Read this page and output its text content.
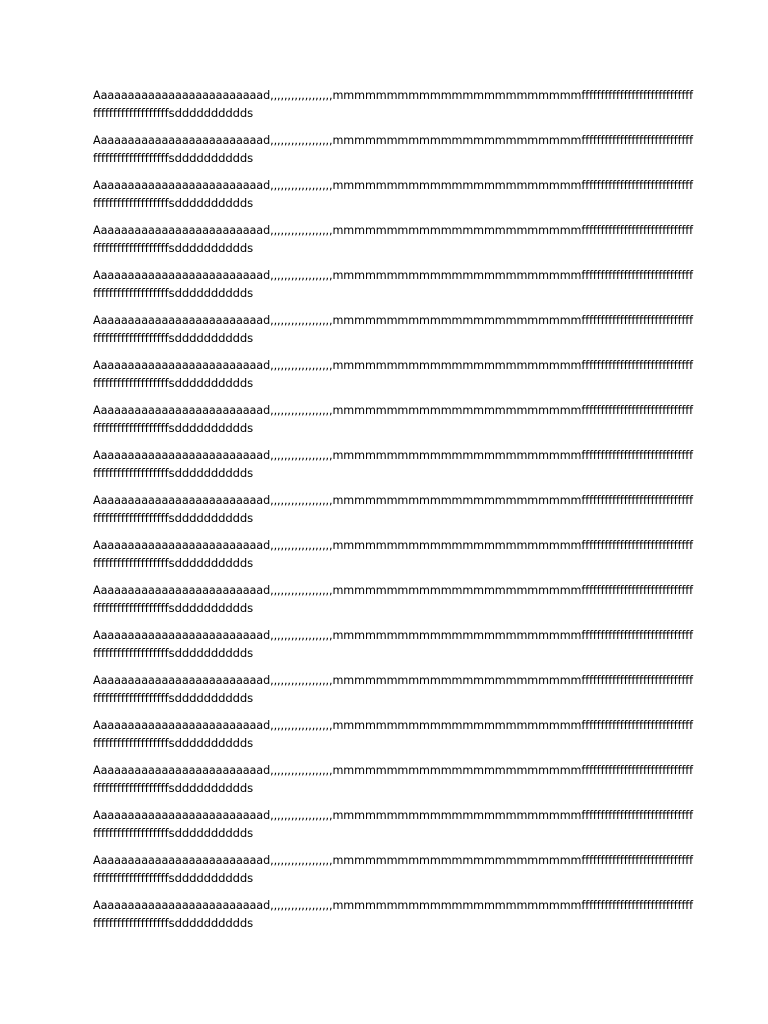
Aaaaaaaaaaaaaaaaaaaaaaaaad,,,,,,,,,,,,,,,,,,mmmmmmmmmmmmmmmmmmmmmmmfffffffffffffffffffffffffffff
fffffffffffffffffffsdddddddddds

Aaaaaaaaaaaaaaaaaaaaaaaaad,,,,,,,,,,,,,,,,,,mmmmmmmmmmmmmmmmmmmmmmmfffffffffffffffffffffffffffff
fffffffffffffffffffsdddddddddds

Aaaaaaaaaaaaaaaaaaaaaaaaad,,,,,,,,,,,,,,,,,,mmmmmmmmmmmmmmmmmmmmmmmfffffffffffffffffffffffffffff
fffffffffffffffffffsdddddddddds

Aaaaaaaaaaaaaaaaaaaaaaaaad,,,,,,,,,,,,,,,,,,mmmmmmmmmmmmmmmmmmmmmmmfffffffffffffffffffffffffffff
fffffffffffffffffffsdddddddddds

Aaaaaaaaaaaaaaaaaaaaaaaaad,,,,,,,,,,,,,,,,,,mmmmmmmmmmmmmmmmmmmmmmmfffffffffffffffffffffffffffff
fffffffffffffffffffsdddddddddds

Aaaaaaaaaaaaaaaaaaaaaaaaad,,,,,,,,,,,,,,,,,,mmmmmmmmmmmmmmmmmmmmmmmfffffffffffffffffffffffffffff
fffffffffffffffffffsdddddddddds

Aaaaaaaaaaaaaaaaaaaaaaaaad,,,,,,,,,,,,,,,,,,mmmmmmmmmmmmmmmmmmmmmmmfffffffffffffffffffffffffffff
fffffffffffffffffffsdddddddddds

Aaaaaaaaaaaaaaaaaaaaaaaaad,,,,,,,,,,,,,,,,,,mmmmmmmmmmmmmmmmmmmmmmmfffffffffffffffffffffffffffff
fffffffffffffffffffsdddddddddds

Aaaaaaaaaaaaaaaaaaaaaaaaad,,,,,,,,,,,,,,,,,,mmmmmmmmmmmmmmmmmmmmmmmfffffffffffffffffffffffffffff
fffffffffffffffffffsdddddddddds

Aaaaaaaaaaaaaaaaaaaaaaaaad,,,,,,,,,,,,,,,,,,mmmmmmmmmmmmmmmmmmmmmmmfffffffffffffffffffffffffffff
fffffffffffffffffffsdddddddddds

Aaaaaaaaaaaaaaaaaaaaaaaaad,,,,,,,,,,,,,,,,,,mmmmmmmmmmmmmmmmmmmmmmmfffffffffffffffffffffffffffff
fffffffffffffffffffsdddddddddds

Aaaaaaaaaaaaaaaaaaaaaaaaad,,,,,,,,,,,,,,,,,,mmmmmmmmmmmmmmmmmmmmmmmfffffffffffffffffffffffffffff
fffffffffffffffffffsdddddddddds

Aaaaaaaaaaaaaaaaaaaaaaaaad,,,,,,,,,,,,,,,,,,mmmmmmmmmmmmmmmmmmmmmmmfffffffffffffffffffffffffffff
fffffffffffffffffffsdddddddddds

Aaaaaaaaaaaaaaaaaaaaaaaaad,,,,,,,,,,,,,,,,,,mmmmmmmmmmmmmmmmmmmmmmmfffffffffffffffffffffffffffff
fffffffffffffffffffsdddddddddds

Aaaaaaaaaaaaaaaaaaaaaaaaad,,,,,,,,,,,,,,,,,,mmmmmmmmmmmmmmmmmmmmmmmfffffffffffffffffffffffffffff
fffffffffffffffffffsdddddddddds

Aaaaaaaaaaaaaaaaaaaaaaaaad,,,,,,,,,,,,,,,,,,mmmmmmmmmmmmmmmmmmmmmmmfffffffffffffffffffffffffffff
fffffffffffffffffffsdddddddddds

Aaaaaaaaaaaaaaaaaaaaaaaaad,,,,,,,,,,,,,,,,,,mmmmmmmmmmmmmmmmmmmmmmmfffffffffffffffffffffffffffff
fffffffffffffffffffsdddddddddds

Aaaaaaaaaaaaaaaaaaaaaaaaad,,,,,,,,,,,,,,,,,,mmmmmmmmmmmmmmmmmmmmmmmfffffffffffffffffffffffffffff
fffffffffffffffffffsdddddddddds

Aaaaaaaaaaaaaaaaaaaaaaaaad,,,,,,,,,,,,,,,,,,mmmmmmmmmmmmmmmmmmmmmmmfffffffffffffffffffffffffffff
fffffffffffffffffffsdddddddddds
